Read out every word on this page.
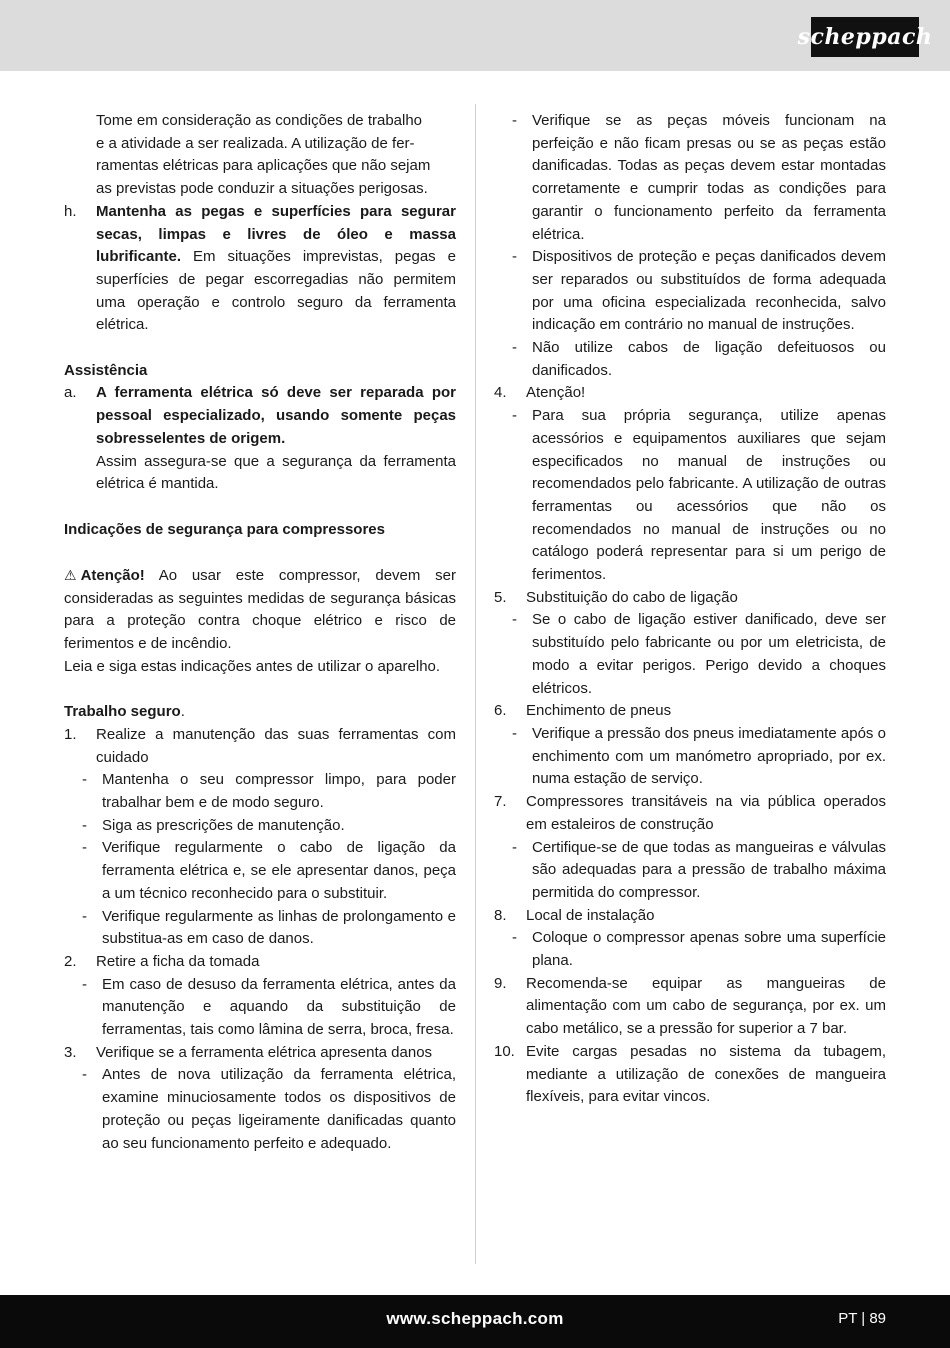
scheppach
Tome em consideração as condições de trabalho
e a atividade a ser realizada. A utilização de fer-
ramentas elétricas para aplicações que não sejam
as previstas pode conduzir a situações perigosas.
h.	Mantenha as pegas e superfícies para segurar secas, limpas e livres de óleo e massa lubrificante. Em situações imprevistas, pegas e superfícies de pegar escorregadias não permitem uma operação e controlo seguro da ferramenta elétrica.
Assistência
a.	A ferramenta elétrica só deve ser reparada por pessoal especializado, usando somente peças sobresselentes de origem.
Assim assegura-se que a segurança da ferramenta elétrica é mantida.
Indicações de segurança para compressores
⚠ Atenção! Ao usar este compressor, devem ser consideradas as seguintes medidas de segurança básicas para a proteção contra choque elétrico e risco de ferimentos e de incêndio.
Leia e siga estas indicações antes de utilizar o aparelho.
Trabalho seguro.
1.	Realize a manutenção das suas ferramentas com cuidado
-	Mantenha o seu compressor limpo, para poder trabalhar bem e de modo seguro.
-	Siga as prescrições de manutenção.
-	Verifique regularmente o cabo de ligação da ferramenta elétrica e, se ele apresentar danos, peça a um técnico reconhecido para o substituir.
-	Verifique regularmente as linhas de prolongamento e substitua-as em caso de danos.
2.	Retire a ficha da tomada
-	Em caso de desuso da ferramenta elétrica, antes da manutenção e aquando da substituição de ferramentas, tais como lâmina de serra, broca, fresa.
3.	Verifique se a ferramenta elétrica apresenta danos
-	Antes de nova utilização da ferramenta elétrica, examine minuciosamente todos os dispositivos de proteção ou peças ligeiramente danificadas quanto ao seu funcionamento perfeito e adequado.
-	Verifique se as peças móveis funcionam na perfeição e não ficam presas ou se as peças estão danificadas. Todas as peças devem estar montadas corretamente e cumprir todas as condições para garantir o funcionamento perfeito da ferramenta elétrica.
-	Dispositivos de proteção e peças danificados devem ser reparados ou substituídos de forma adequada por uma oficina especializada reconhecida, salvo indicação em contrário no manual de instruções.
-	Não utilize cabos de ligação defeituosos ou danificados.
4.	Atenção!
-	Para sua própria segurança, utilize apenas acessórios e equipamentos auxiliares que sejam especificados no manual de instruções ou recomendados pelo fabricante. A utilização de outras ferramentas ou acessórios que não os recomendados no manual de instruções ou no catálogo poderá representar para si um perigo de ferimentos.
5.	Substituição do cabo de ligação
-	Se o cabo de ligação estiver danificado, deve ser substituído pelo fabricante ou por um eletricista, de modo a evitar perigos. Perigo devido a choques elétricos.
6.	Enchimento de pneus
-	Verifique a pressão dos pneus imediatamente após o enchimento com um manómetro apropriado, por ex. numa estação de serviço.
7.	Compressores transitáveis na via pública operados em estaleiros de construção
-	Certifique-se de que todas as mangueiras e válvulas são adequadas para a pressão de trabalho máxima permitida do compressor.
8.	Local de instalação
-	Coloque o compressor apenas sobre uma superfície plana.
9.	Recomenda-se equipar as mangueiras de alimentação com um cabo de segurança, por ex. um cabo metálico, se a pressão for superior a 7 bar.
10. Evite cargas pesadas no sistema da tubagem, mediante a utilização de conexões de mangueira flexíveis, para evitar vincos.
www.scheppach.com	PT | 89
